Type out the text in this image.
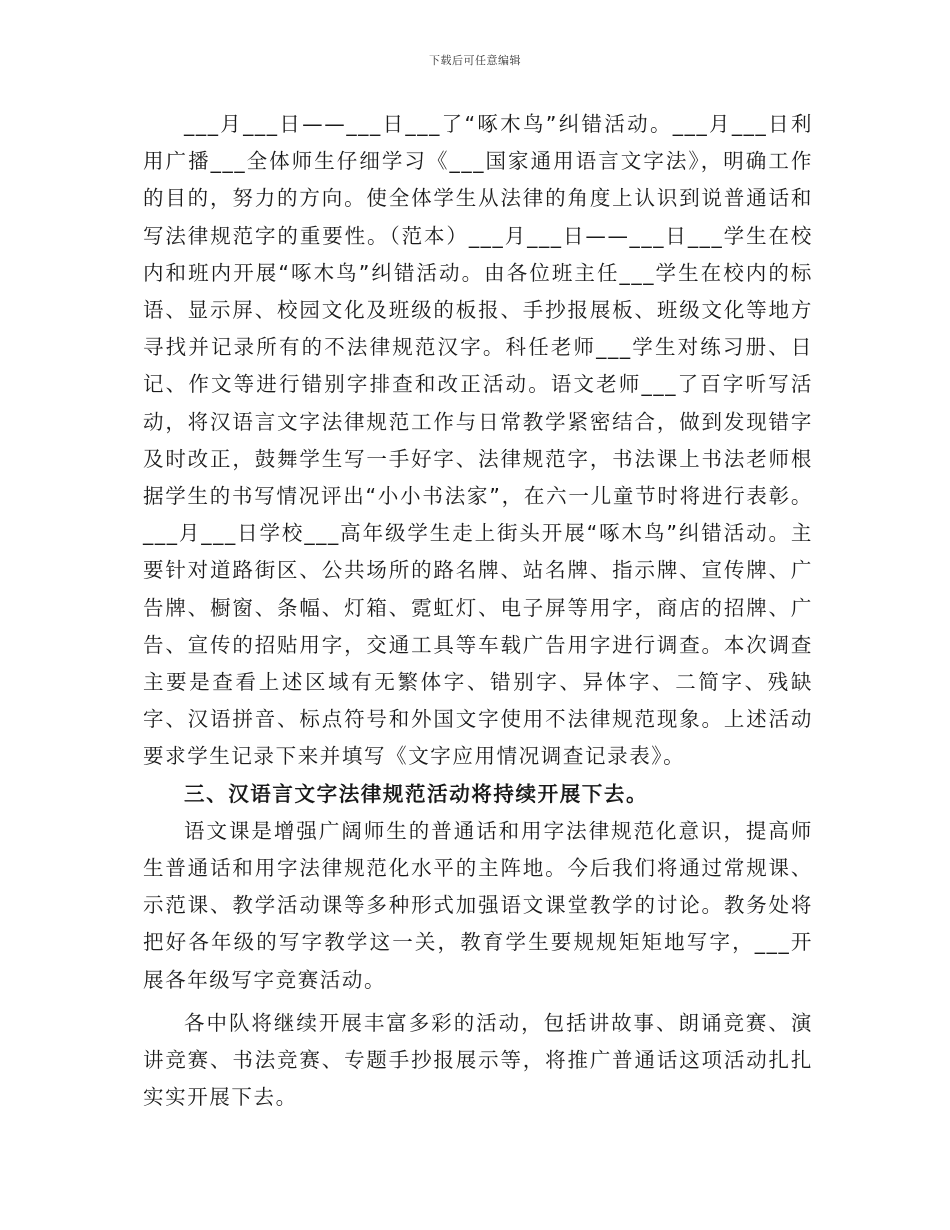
下载后可任意编辑

___月___日——___日___了“啄木鸟”纠错活动。___月___日利用广播___全体师生仔细学习《___国家通用语言文字法》，明确工作的目的，努力的方向。使全体学生从法律的角度上认识到说普通话和写法律规范字的重要性。（范本）___月___日——___日___学生在校内和班内开展“啄木鸟”纠错活动。由各位班主任___学生在校内的标语、显示屏、校园文化及班级的板报、手抄报展板、班级文化等地方寻找并记录所有的不法律规范汉字。科任老师___学生对练习册、日记、作文等进行错别字排查和改正活动。语文老师___了百字听写活动，将汉语言文字法律规范工作与日常教学紧密结合，做到发现错字及时改正，鼓舞学生写一手好字、法律规范字，书法课上书法老师根据学生的书写情况评出“小小书法家”，在六一儿童节时将进行表彰。___月___日学校___高年级学生走上街头开展“啄木鸟”纠错活动。主要针对道路街区、公共场所的路名牌、站名牌、指示牌、宣传牌、广告牌、橱窗、条幅、灯箱、霓虹灯、电子屏等用字，商店的招牌、广告、宣传的招贴用字，交通工具等车载广告用字进行调查。本次调查主要是查看上述区域有无繁体字、错别字、异体字、二简字、残缺字、汉语拼音、标点符号和外国文字使用不法律规范现象。上述活动要求学生记录下来并填写《文字应用情况调查记录表》。

三、汉语言文字法律规范活动将持续开展下去。

语文课是增强广阔师生的普通话和用字法律规范化意识，提高师生普通话和用字法律规范化水平的主阵地。今后我们将通过常规课、示范课、教学活动课等多种形式加强语文课堂教学的讨论。教务处将把好各年级的写字教学这一关，教育学生要规规矩矩地写字，___开展各年级写字竞赛活动。

各中队将继续开展丰富多彩的活动，包括讲故事、朗诵竞赛、演讲竞赛、书法竞赛、专题手抄报展示等，将推广普通话这项活动扎扎实实开展下去。
